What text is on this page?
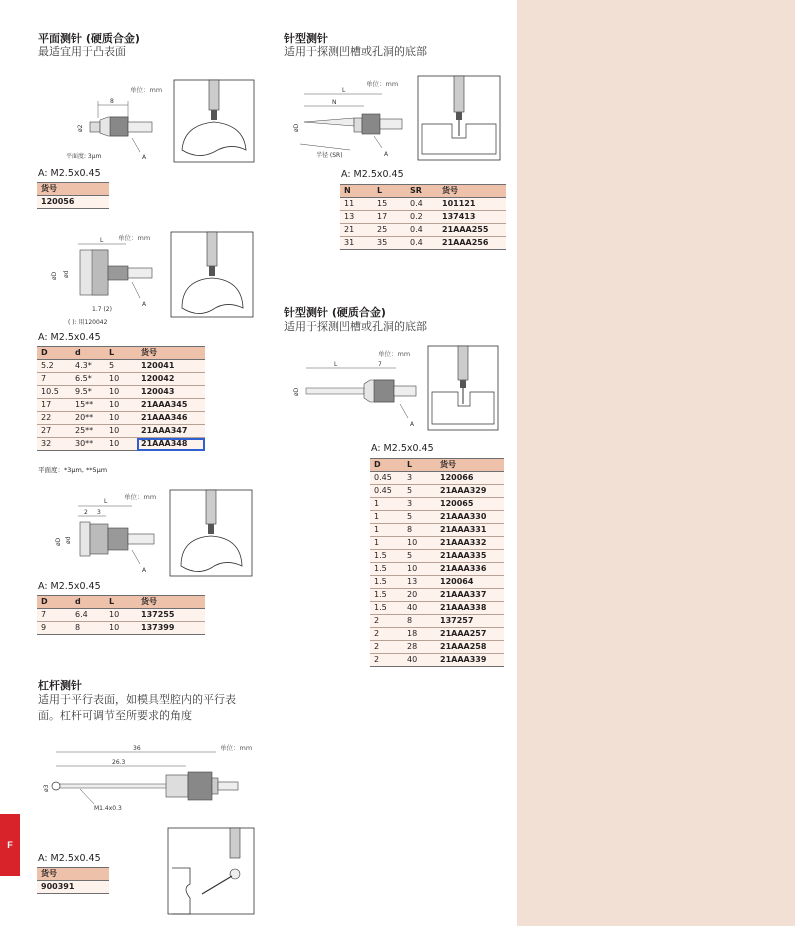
F
平面测针 (硬质合金)
最适宜用于凸表面
单位：mm
8
ø2
A
平面度: 3µm
A: M2.5x0.45
货号
120056
单位：mm
L
øD ød
1.7 (2)
( ): 用120042
A
A: M2.5x0.45
D	d	L	货号
5.2	4.3*	5	120041
7	6.5*	10	120042
10.5	9.5*	10	120043
17	15**	10	21AAA345
22	20**	10	21AAA346
27	25**	10	21AAA347
32	30**	10	21AAA348
平面度：*3µm, **5µm
单位：mm
L
2 3
øD ød
A
A: M2.5x0.45
D	d	L	货号
7	6.4	10	137255
9	8	10	137399
杠杆测针
适用于平行表面，如模具型腔内的平行表
面。杠杆可调节至所要求的角度
单位：mm
36
26.3
ø3
M1.4x0.3
A: M2.5x0.45
货号
900391
针型测针
适用于探测凹槽或孔洞的底部
单位：mm
L
N
øD
半径 (SR)	A
A: M2.5x0.45
N	L	SR	货号
11	15	0.4	101121
13	17	0.2	137413
21	25	0.4	21AAA255
31	35	0.4	21AAA256
针型测针 (硬质合金)
适用于探测凹槽或孔洞的底部
单位：mm
L	7
øD
A
A: M2.5x0.45
D	L	货号
0.45	3	120066
0.45	5	21AAA329
1	3	120065
1	5	21AAA330
1	8	21AAA331
1	10	21AAA332
1.5	5	21AAA335
1.5	10	21AAA336
1.5	13	120064
1.5	20	21AAA337
1.5	40	21AAA338
2	8	137257
2	18	21AAA257
2	28	21AAA258
2	40	21AAA339
